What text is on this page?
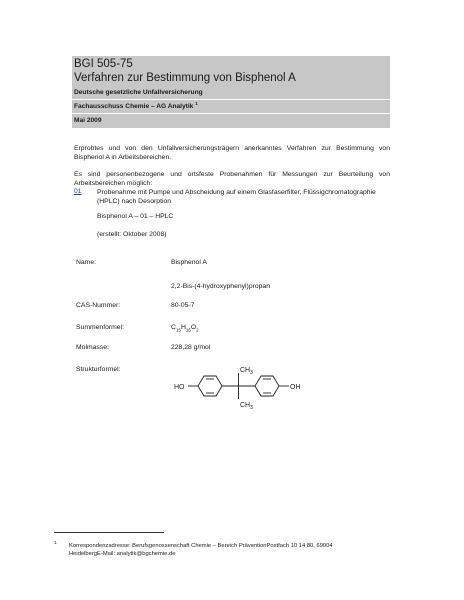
BGI 505-75
Verfahren zur Bestimmung von Bisphenol A
Deutsche gesetzliche Unfallversicherung
Fachausschuss Chemie – AG Analytik $^1$
Mai 2009
Erprobtes und von den Unfallversicherungsträgern anerkanntes Verfahren zur Bestimmung von
Bisphenol A in Arbeitsbereichen.
Es sind personenbezogene und ortsfeste Probenahmen für Messungen zur Beurteilung von
Arbeitsbereichen möglich:
01 Probenahme mit Pumpe und Abscheidung auf einem Glasfaserfilter, Flüssigchromatographie
(HPLC) nach Desorption
Bisphenol A – 01 – HPLC
(erstellt: Oktober 2008)
Name:	Bisphenol A
2,2-Bis-(4-hydroxyphenyl)propan
CAS-Nummer:	80-05-7
Summenformel:	$C_{15}H_{16}O_2$
Molmasse:	228,28 g/mol
Strukturformel:
HO	OH
$CH_3$
$CH_3$
1 Korrespondenzadresse: Berufsgenossenschaft Chemie – Bereich PräventionPostfach 10 14 80, 69004
HeidelbergE-Mail: analytik@bgchemie.de
